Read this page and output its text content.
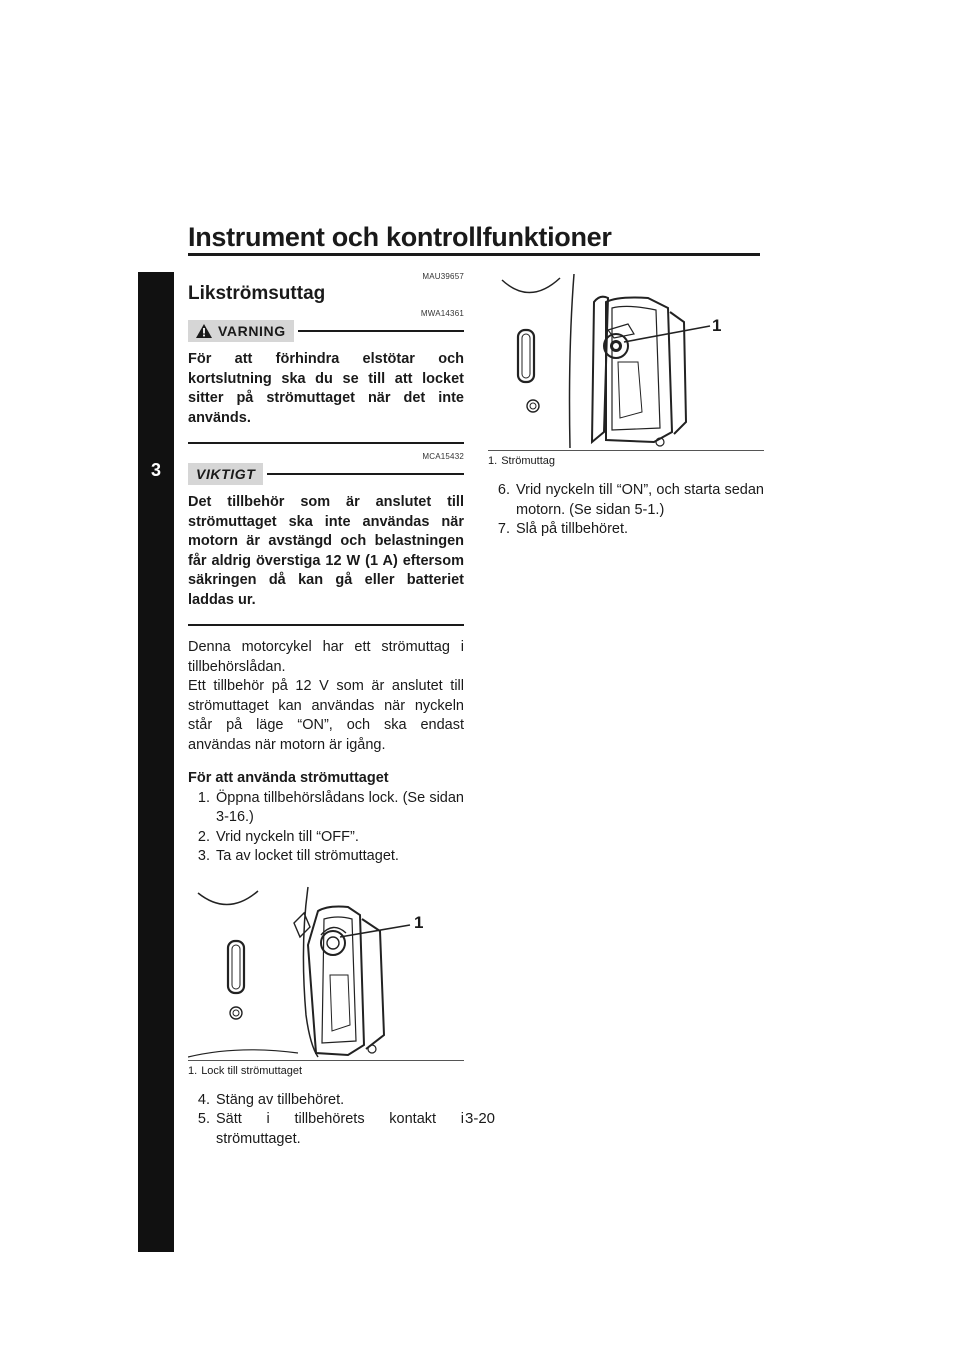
Instrument och kontrollfunktioner
3
MAU39657
Likströmsuttag
MWA14361
VARNING
För att förhindra elstötar och kortslutning ska du se till att locket sitter på strömuttaget när det inte används.
MCA15432
VIKTIGT
Det tillbehör som är anslutet till strömuttaget ska inte användas när motorn är avstängd och belastningen får aldrig överstiga 12 W (1 A) eftersom säkringen då kan gå eller batteriet laddas ur.
Denna motorcykel har ett strömuttag i tillbehörslådan.
Ett tillbehör på 12 V som är anslutet till strömuttaget kan användas när nyckeln står på läge “ON”, och ska endast användas när motorn är igång.
För att använda strömuttaget
1. Öppna tillbehörslådans lock. (Se sidan 3-16.)
2. Vrid nyckeln till “OFF”.
3. Ta av locket till strömuttaget.
1
1. Lock till strömuttaget
4. Stäng av tillbehöret.
5. Sätt i tillbehörets kontakt i strömuttaget.
1
1. Strömuttag
6. Vrid nyckeln till “ON”, och starta sedan motorn. (Se sidan 5-1.)
7. Slå på tillbehöret.
3-20
